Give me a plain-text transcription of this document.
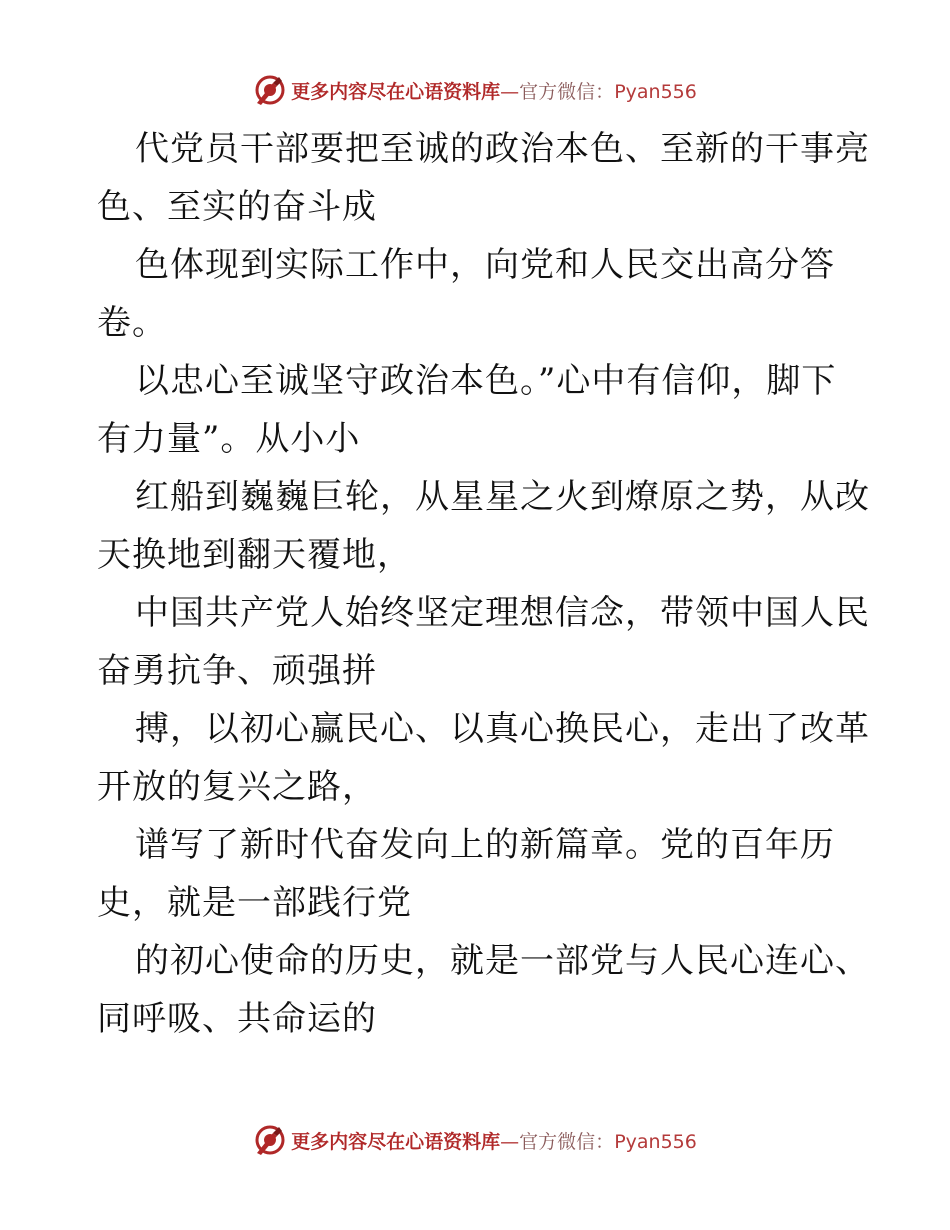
更多内容尽在心语资料库—官方微信：Pyan556
代党员干部要把至诚的政治本色、至新的干事亮
色、至实的奋斗成
色体现到实际工作中，向党和人民交出高分答
卷。
以忠心至诚坚守政治本色。”心中有信仰，脚下
有力量”。从小小
红船到巍巍巨轮，从星星之火到燎原之势，从改
天换地到翻天覆地，
中国共产党人始终坚定理想信念，带领中国人民
奋勇抗争、顽强拼
搏，以初心赢民心、以真心换民心，走出了改革
开放的复兴之路，
谱写了新时代奋发向上的新篇章。党的百年历
史，就是一部践行党
的初心使命的历史，就是一部党与人民心连心、
同呼吸、共命运的
更多内容尽在心语资料库—官方微信：Pyan556
